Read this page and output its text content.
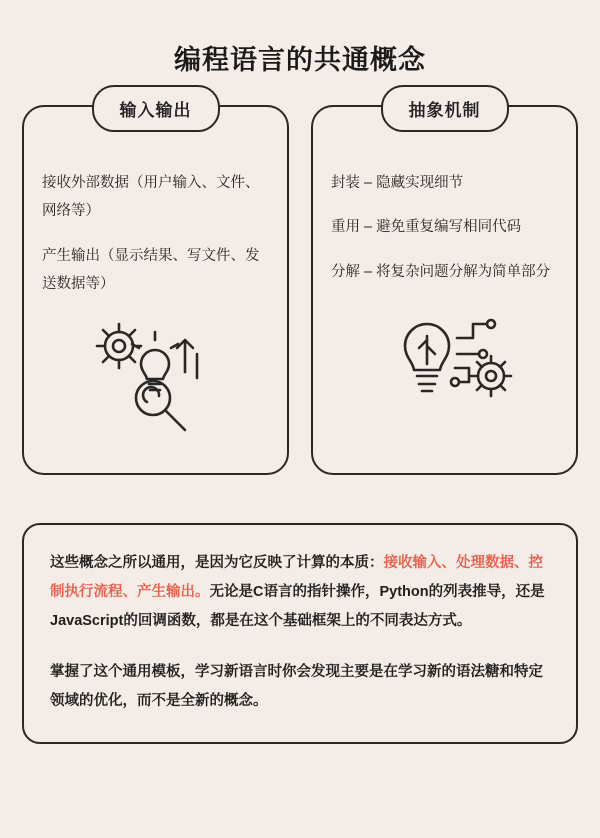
编程语言的共通概念
输入输出
接收外部数据（用户输入、文件、网络等）
产生输出（显示结果、写文件、发送数据等）
抽象机制
封装 – 隐藏实现细节
重用 – 避免重复编写相同代码
分解 – 将复杂问题分解为简单部分

这些概念之所以通用，是因为它反映了计算的本质：接收输入、处理数据、控制执行流程、产生输出。无论是C语言的指针操作，Python的列表推导，还是JavaScript的回调函数，都是在这个基础框架上的不同表达方式。

掌握了这个通用模板，学习新语言时你会发现主要是在学习新的语法糖和特定领域的优化，而不是全新的概念。
